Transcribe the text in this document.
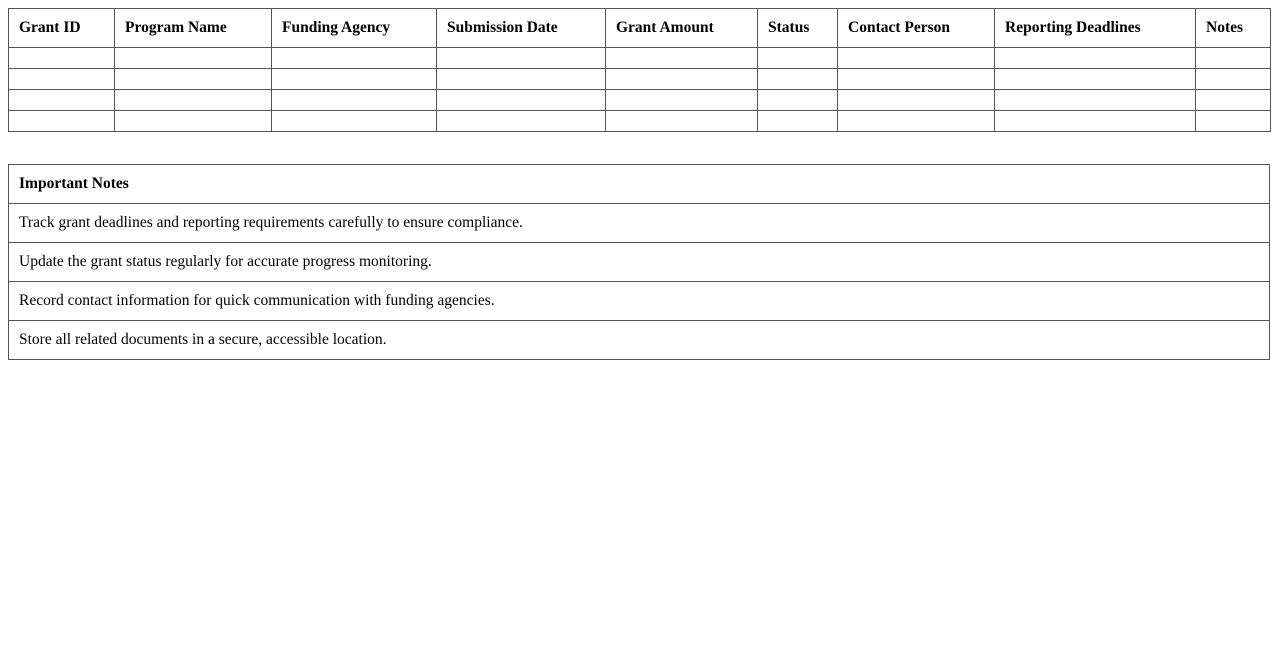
Grant ID	Program Name	Funding Agency	Submission Date	Grant Amount	Status	Contact Person	Reporting Deadlines	Notes

Important Notes
Track grant deadlines and reporting requirements carefully to ensure compliance.
Update the grant status regularly for accurate progress monitoring.
Record contact information for quick communication with funding agencies.
Store all related documents in a secure, accessible location.
